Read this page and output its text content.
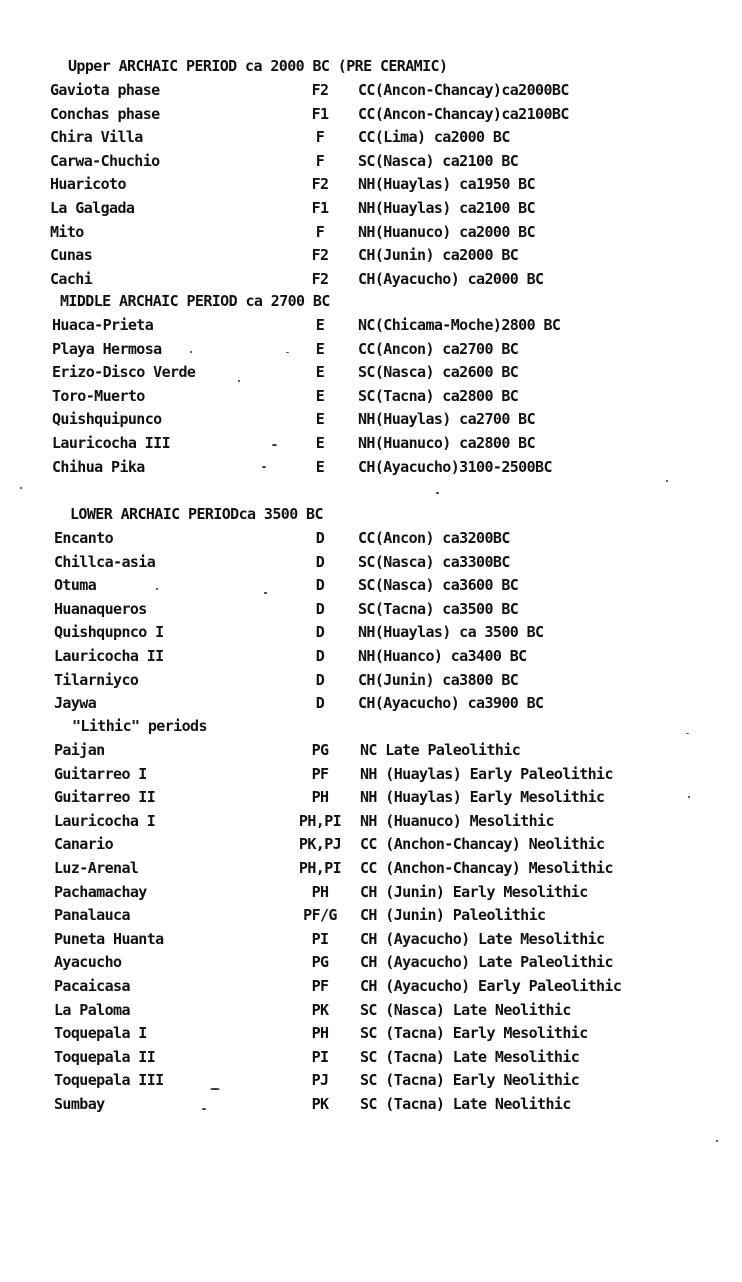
Upper ARCHAIC PERIOD ca 2000 BC (PRE CERAMIC)
Gaviota phase	F2 CC(Ancon-Chancay)ca2000BC
Conchas phase	F1 CC(Ancon-Chancay)ca2100BC
Chira Villa	F CC(Lima) ca2000 BC
Carwa-Chuchio	F SC(Nasca) ca2100 BC
Huaricoto	F2 NH(Huaylas) ca1950 BC
La Galgada	F1 NH(Huaylas) ca2100 BC
Mito	F NH(Huanuco) ca2000 BC
Cunas	F2 CH(Junin) ca2000 BC
Cachi	F2 CH(Ayacucho) ca2000 BC
MIDDLE ARCHAIC PERIOD ca 2700 BC
Huaca-Prieta	E NC(Chicama-Moche)2800 BC
Playa Hermosa	E CC(Ancon) ca2700 BC
Erizo-Disco Verde	E SC(Nasca) ca2600 BC
Toro-Muerto	E SC(Tacna) ca2800 BC
Quishquipunco	E NH(Huaylas) ca2700 BC
Lauricocha III	E NH(Huanuco) ca2800 BC
Chihua Pika	E CH(Ayacucho)3100-2500BC
LOWER ARCHAIC PERIODca 3500 BC
Encanto	D CC(Ancon) ca3200BC
Chillca-asia	D SC(Nasca) ca3300BC
Otuma	D SC(Nasca) ca3600 BC
Huanaqueros	D SC(Tacna) ca3500 BC
Quishqupnco I	D NH(Huaylas) ca 3500 BC
Lauricocha II	D NH(Huanco) ca3400 BC
Tilarniyco	D CH(Junin) ca3800 BC
Jaywa	D CH(Ayacucho) ca3900 BC
"Lithic" periods
Paijan	PG NC Late Paleolithic
Guitarreo I	PF NH (Huaylas) Early Paleolithic
Guitarreo II	PH NH (Huaylas) Early Mesolithic
Lauricocha I	PH,PI NH (Huanuco) Mesolithic
Canario	PK,PJ CC (Anchon-Chancay) Neolithic
Luz-Arenal	PH,PI CC (Anchon-Chancay) Mesolithic
Pachamachay	PH CH (Junin) Early Mesolithic
Panalauca	PF/G CH (Junin) Paleolithic
Puneta Huanta	PI CH (Ayacucho) Late Mesolithic
Ayacucho	PG CH (Ayacucho) Late Paleolithic
Pacaicasa	PF CH (Ayacucho) Early Paleolithic
La Paloma	PK SC (Nasca) Late Neolithic
Toquepala I	PH SC (Tacna) Early Mesolithic
Toquepala II	PI SC (Tacna) Late Mesolithic
Toquepala III	PJ SC (Tacna) Early Neolithic
Sumbay	PK SC (Tacna) Late Neolithic
